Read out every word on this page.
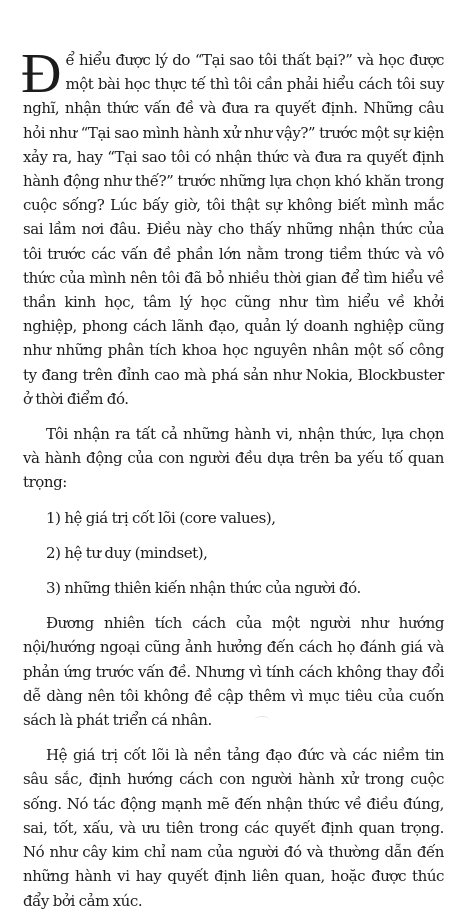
Để hiểu được lý do “Tại sao tôi thất bại?” và học được một bài học thực tế thì tôi cần phải hiểu cách tôi suy nghĩ, nhận thức vấn đề và đưa ra quyết định. Những câu hỏi như “Tại sao mình hành xử như vậy?” trước một sự kiện xảy ra, hay “Tại sao tôi có nhận thức và đưa ra quyết định hành động như thế?” trước những lựa chọn khó khăn trong cuộc sống? Lúc bấy giờ, tôi thật sự không biết mình mắc sai lầm nơi đâu. Điều này cho thấy những nhận thức của tôi trước các vấn đề phần lớn nằm trong tiềm thức và vô thức của mình nên tôi đã bỏ nhiều thời gian để tìm hiểu về thần kinh học, tâm lý học cũng như tìm hiểu về khởi nghiệp, phong cách lãnh đạo, quản lý doanh nghiệp cũng như những phân tích khoa học nguyên nhân một số công ty đang trên đỉnh cao mà phá sản như Nokia, Blockbuster ở thời điểm đó.

Tôi nhận ra tất cả những hành vi, nhận thức, lựa chọn và hành động của con người đều dựa trên ba yếu tố quan trọng:

1) hệ giá trị cốt lõi (core values),

2) hệ tư duy (mindset),

3) những thiên kiến nhận thức của người đó.

Đương nhiên tích cách của một người như hướng nội/hướng ngoại cũng ảnh hưởng đến cách họ đánh giá và phản ứng trước vấn đề. Nhưng vì tính cách không thay đổi dễ dàng nên tôi không đề cập thêm vì mục tiêu của cuốn sách là phát triển cá nhân.

Hệ giá trị cốt lõi là nền tảng đạo đức và các niềm tin sâu sắc, định hướng cách con người hành xử trong cuộc sống. Nó tác động mạnh mẽ đến nhận thức về điều đúng, sai, tốt, xấu, và ưu tiên trong các quyết định quan trọng. Nó như cây kim chỉ nam của người đó và thường dẫn đến những hành vi hay quyết định liên quan, hoặc được thúc đẩy bởi cảm xúc.
